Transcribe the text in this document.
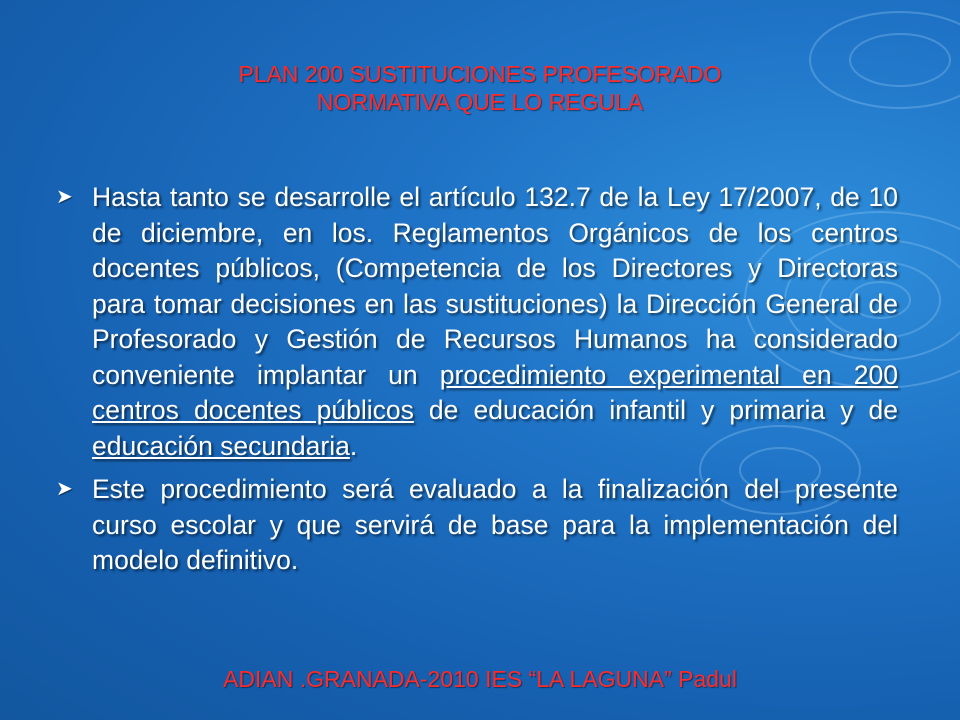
PLAN 200 SUSTITUCIONES PROFESORADO
NORMATIVA QUE LO REGULA
➤ Hasta tanto se desarrolle el artículo 132.7 de la Ley 17/2007, de 10 de diciembre, en los. Reglamentos Orgánicos de los centros docentes públicos, (Competencia de los Directores y Directoras para tomar decisiones en las sustituciones) la Dirección General de Profesorado y Gestión de Recursos Humanos ha considerado conveniente implantar un procedimiento experimental en 200 centros docentes públicos de educación infantil y primaria y de educación secundaria.
➤ Este procedimiento será evaluado a la finalización del presente curso escolar y que servirá de base para la implementación del modelo definitivo.
ADIAN .GRANADA-2010 IES “LA LAGUNA” Padul
